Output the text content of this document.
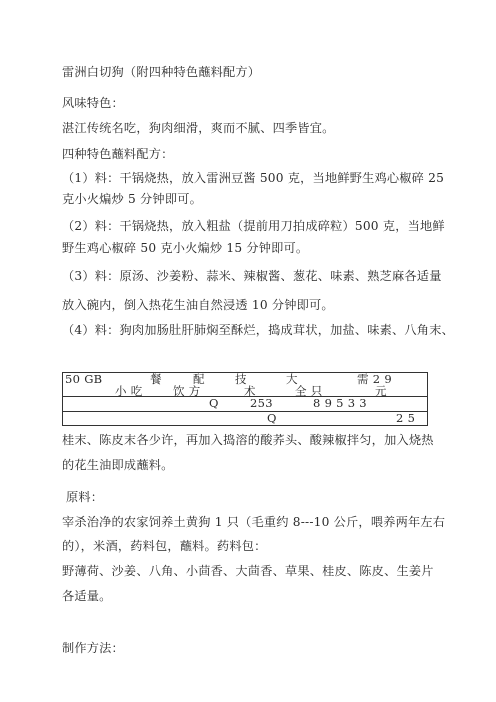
雷洲白切狗（附四种特色蘸料配方）
风味特色：
湛江传统名吃，狗肉细滑，爽而不腻、四季皆宜。
四种特色蘸料配方：
（1）料：干锅烧热，放入雷洲豆酱 500 克，当地鲜野生鸡心椒碎 25
克小火煸炒 5 分钟即可。
（2）料：干锅烧热，放入粗盐（提前用刀拍成碎粒）500 克，当地鲜
野生鸡心椒碎 50 克小火煸炒 15 分钟即可。
（3）料：原汤、沙姜粉、蒜米、辣椒酱、葱花、味素、熟芝麻各适量
放入碗内，倒入热花生油自然浸透 10 分钟即可。
（4）料：狗肉加肠肚肝肺焖至酥烂，捣成茸状，加盐、味素、八角末、
50 GB	餐	配	技	大	需 2 9
小 吃	饮 方	术	全 只	元
Q	253	8 9 5 3 3
Q	2 5
桂末、陈皮末各少许，再加入捣溶的酸荞头、酸辣椒拌匀，加入烧热
的花生油即成蘸料。
原料：
宰杀治净的农家饲养土黄狗 1 只（毛重约 8---10 公斤，喂养两年左右
的），米酒，药料包，蘸料。药料包：
野薄荷、沙姜、八角、小茴香、大茴香、草果、桂皮、陈皮、生姜片
各适量。
制作方法：
